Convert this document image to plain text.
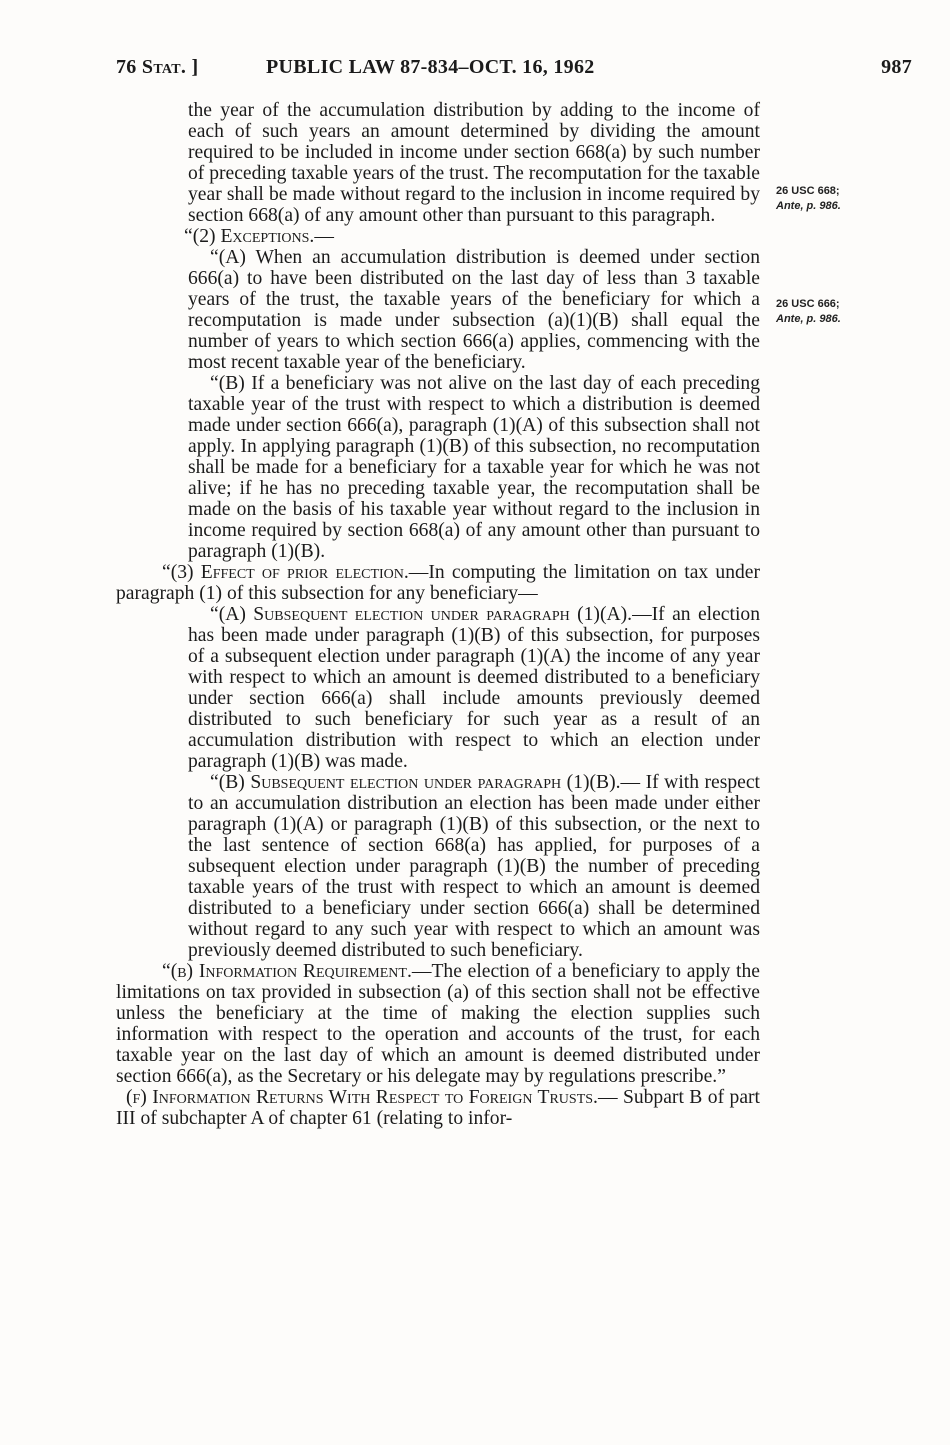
76 Stat. ]	PUBLIC LAW 87-834–OCT. 16, 1962	987
26 USC 668;
Ante, p. 986.
26 USC 666;
Ante, p. 986.

the year of the accumulation distribution by adding to the income of each of such years an amount determined by dividing the amount required to be included in income under section 668(a) by such number of preceding taxable years of the trust. The recomputation for the taxable year shall be made without regard to the inclusion in income required by section 668(a) of any amount other than pursuant to this paragraph.

“(2) Exceptions.—

“(A) When an accumulation distribution is deemed under section 666(a) to have been distributed on the last day of less than 3 taxable years of the trust, the taxable years of the beneficiary for which a recomputation is made under subsection (a)(1)(B) shall equal the number of years to which section 666(a) applies, commencing with the most recent taxable year of the beneficiary.

“(B) If a beneficiary was not alive on the last day of each preceding taxable year of the trust with respect to which a distribution is deemed made under section 666(a), paragraph (1)(A) of this subsection shall not apply. In applying paragraph (1)(B) of this subsection, no recomputation shall be made for a beneficiary for a taxable year for which he was not alive; if he has no preceding taxable year, the recomputation shall be made on the basis of his taxable year without regard to the inclusion in income required by section 668(a) of any amount other than pursuant to paragraph (1)(B).

“(3) Effect of prior election.—In computing the limitation on tax under paragraph (1) of this subsection for any beneficiary—

“(A) Subsequent election under paragraph (1)(A).—If an election has been made under paragraph (1)(B) of this subsection, for purposes of a subsequent election under paragraph (1)(A) the income of any year with respect to which an amount is deemed distributed to a beneficiary under section 666(a) shall include amounts previously deemed distributed to such beneficiary for such year as a result of an accumulation distribution with respect to which an election under paragraph (1)(B) was made.

“(B) Subsequent election under paragraph (1)(B).— If with respect to an accumulation distribution an election has been made under either paragraph (1)(A) or paragraph (1)(B) of this subsection, or the next to the last sentence of section 668(a) has applied, for purposes of a subsequent election under paragraph (1)(B) the number of preceding taxable years of the trust with respect to which an amount is deemed distributed to a beneficiary under section 666(a) shall be determined without regard to any such year with respect to which an amount was previously deemed distributed to such beneficiary.

“(b) Information Requirement.—The election of a beneficiary to apply the limitations on tax provided in subsection (a) of this section shall not be effective unless the beneficiary at the time of making the election supplies such information with respect to the operation and accounts of the trust, for each taxable year on the last day of which an amount is deemed distributed under section 666(a), as the Secretary or his delegate may by regulations prescribe.”

(f) Information Returns With Respect to Foreign Trusts.— Subpart B of part III of subchapter A of chapter 61 (relating to infor-
